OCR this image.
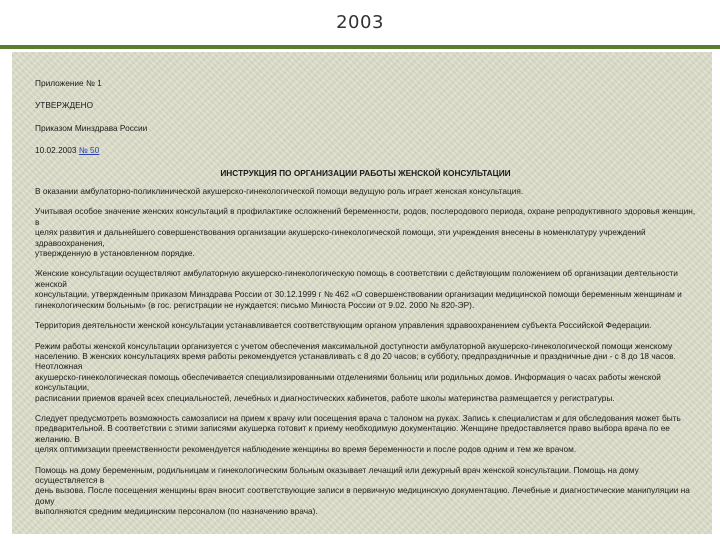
2003
Приложение № 1
УТВЕРЖДЕНО
Приказом Минздрава России
10.02.2003 № 50
ИНСТРУКЦИЯ ПО ОРГАНИЗАЦИИ РАБОТЫ ЖЕНСКОЙ КОНСУЛЬТАЦИИ

В оказании амбулаторно-поликлинической акушерско-гинекологической помощи ведущую роль играет женская консультация.

Учитывая особое значение женских консультаций в профилактике осложнений беременности, родов, послеродового периода, охране репродуктивного здоровья женщин, в

целях развития и дальнейшего совершенствования организации акушерско-гинекологической помощи, эти учреждения внесены в номенклатуру учреждений здравоохранения,

утвержденную в установленном порядке.

Женские консультации осуществляют амбулаторную акушерско-гинекологическую помощь в соответствии с действующим положением об организации деятельности женской

консультации, утвержденным приказом Минздрава России от 30.12.1999 г № 462 «О совершенствовании организации медицинской помощи беременным женщинам и

гинекологическим больным» (в гос. регистрации не нуждается: письмо Минюста России от 9.02. 2000 № 820-ЭР).

Территория деятельности женской консультации устанавливается соответствующим органом управления здравоохранением субъекта Российской Федерации.

Режим работы женской консультации организуется с учетом обеспечения максимальной доступности амбулаторной акушерско-гинекологической помощи женскому

населению. В женских консультациях время работы рекомендуется устанавливать с 8 до 20 часов; в субботу, предпраздничные и праздничные дни - с 8 до 18 часов. Неотложная

акушерско-гинекологическая помощь обеспечивается специализированными отделениями больниц или родильных домов. Информация о часах работы женской консультации,

расписании приемов врачей всех специальностей, лечебных и диагностических кабинетов, работе школы материнства размещается у регистратуры.

Следует предусмотреть возможность самозаписи на прием к врачу или посещения врача с талоном на руках. Запись к специалистам и для обследования может быть

предварительной. В соответствии с этими записями акушерка готовит к приему необходимую документацию. Женщине предоставляется право выбора врача по ее желанию. В

целях оптимизации преемственности рекомендуется наблюдение женщины во время беременности и после родов одним и тем же врачом.

Помощь на дому беременным, родильницам и гинекологическим больным оказывает лечащий или дежурный врач женской консультации. Помощь на дому осуществляется в

день вызова. После посещения женщины врач вносит соответствующие записи в первичную медицинскую документацию. Лечебные и диагностические манипуляции на дому

выполняются средним медицинским персоналом (по назначению врача).
